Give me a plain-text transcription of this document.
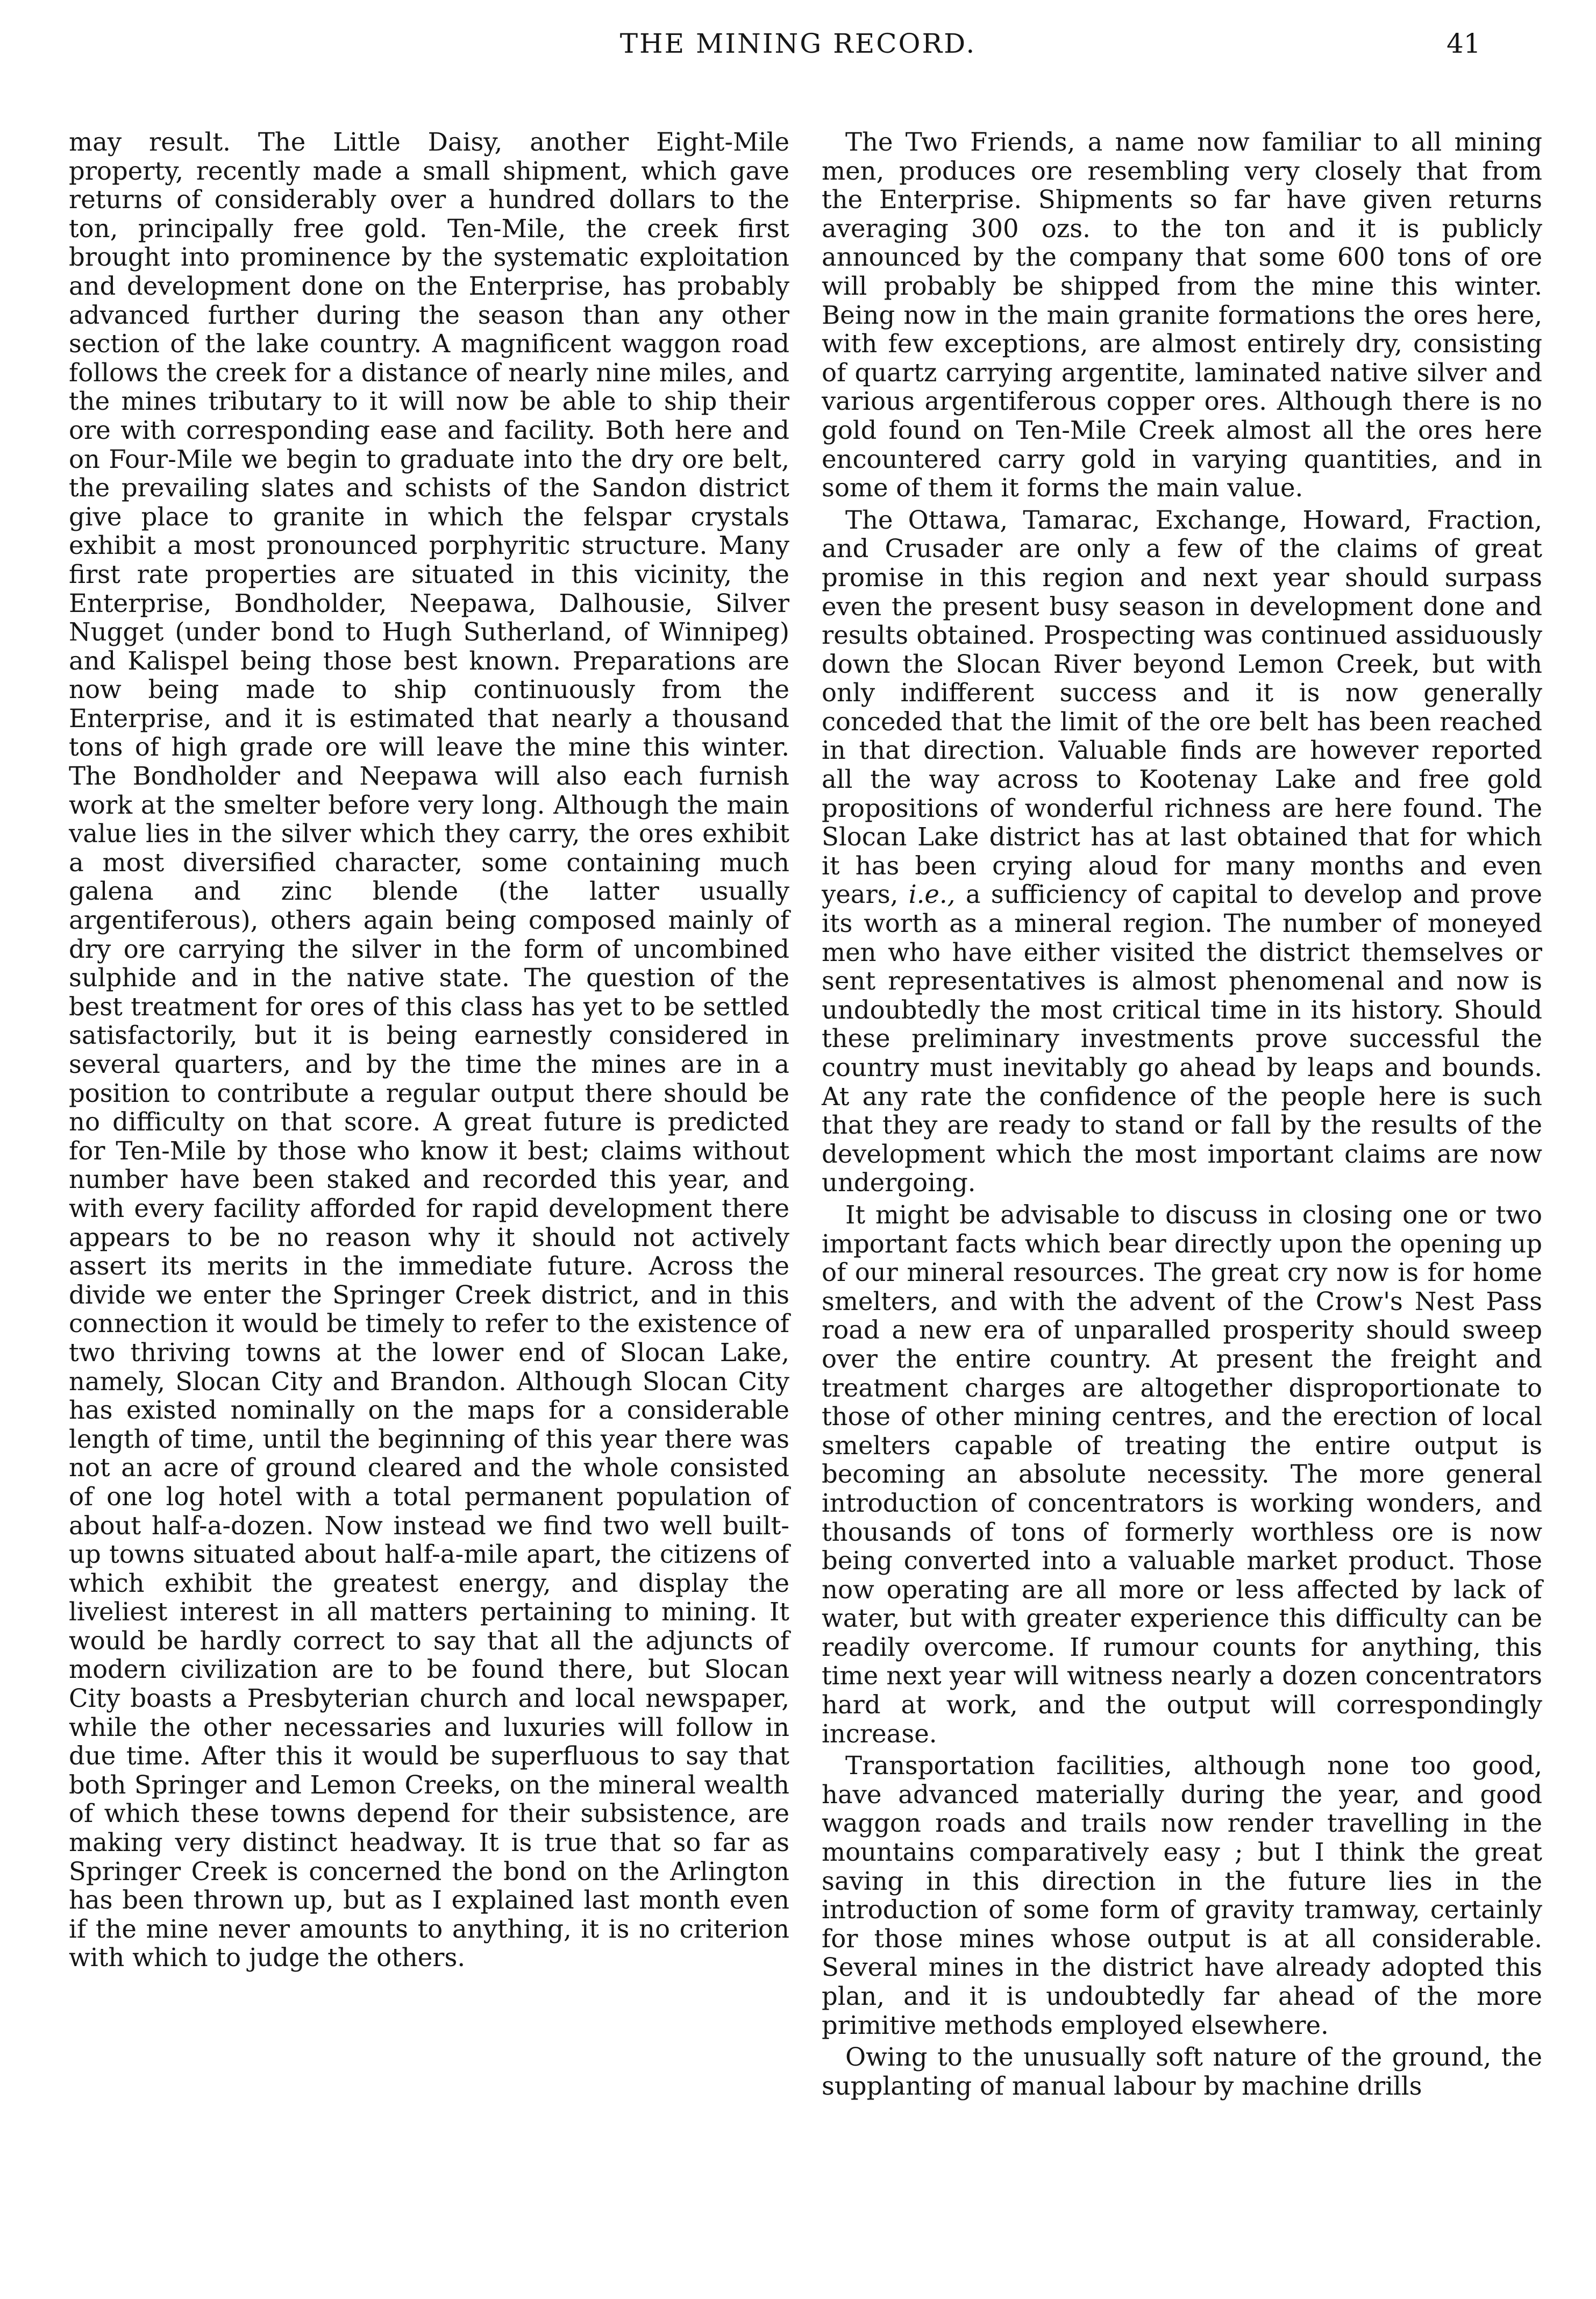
THE MINING RECORD.	41

may result. The Little Daisy, another Eight-Mile property, recently made a small shipment, which gave returns of considerably over a hundred dollars to the ton, principally free gold. Ten-Mile, the creek first brought into prominence by the systematic exploitation and development done on the Enterprise, has probably advanced further during the season than any other section of the lake country. A magnificent waggon road follows the creek for a distance of nearly nine miles, and the mines tributary to it will now be able to ship their ore with corresponding ease and facility. Both here and on Four-Mile we begin to graduate into the dry ore belt, the prevailing slates and schists of the Sandon district give place to granite in which the felspar crystals exhibit a most pronounced porphyritic structure. Many first rate properties are situated in this vicinity, the Enterprise, Bondholder, Neepawa, Dalhousie, Silver Nugget (under bond to Hugh Sutherland, of Winnipeg) and Kalispel being those best known. Preparations are now being made to ship continuously from the Enterprise, and it is estimated that nearly a thousand tons of high grade ore will leave the mine this winter. The Bondholder and Neepawa will also each furnish work at the smelter before very long. Although the main value lies in the silver which they carry, the ores exhibit a most diversified character, some containing much galena and zinc blende (the latter usually argentiferous), others again being composed mainly of dry ore carrying the silver in the form of uncombined sulphide and in the native state. The question of the best treatment for ores of this class has yet to be settled satisfactorily, but it is being earnestly considered in several quarters, and by the time the mines are in a position to contribute a regular output there should be no difficulty on that score. A great future is predicted for Ten-Mile by those who know it best; claims without number have been staked and recorded this year, and with every facility afforded for rapid development there appears to be no reason why it should not actively assert its merits in the immediate future. Across the divide we enter the Springer Creek district, and in this connection it would be timely to refer to the existence of two thriving towns at the lower end of Slocan Lake, namely, Slocan City and Brandon. Although Slocan City has existed nominally on the maps for a considerable length of time, until the beginning of this year there was not an acre of ground cleared and the whole consisted of one log hotel with a total permanent population of about half-a-dozen. Now instead we find two well built-up towns situated about half-a-mile apart, the citizens of which exhibit the greatest energy, and display the liveliest interest in all matters pertaining to mining. It would be hardly correct to say that all the adjuncts of modern civilization are to be found there, but Slocan City boasts a Presbyterian church and local newspaper, while the other necessaries and luxuries will follow in due time. After this it would be superfluous to say that both Springer and Lemon Creeks, on the mineral wealth of which these towns depend for their subsistence, are making very distinct headway. It is true that so far as Springer Creek is concerned the bond on the Arlington has been thrown up, but as I explained last month even if the mine never amounts to anything, it is no criterion with which to judge the others.

The Two Friends, a name now familiar to all mining men, produces ore resembling very closely that from the Enterprise. Shipments so far have given returns averaging 300 ozs. to the ton and it is publicly announced by the company that some 600 tons of ore will probably be shipped from the mine this winter. Being now in the main granite formations the ores here, with few exceptions, are almost entirely dry, consisting of quartz carrying argentite, laminated native silver and various argentiferous copper ores. Although there is no gold found on Ten-Mile Creek almost all the ores here encountered carry gold in varying quantities, and in some of them it forms the main value.

The Ottawa, Tamarac, Exchange, Howard, Fraction, and Crusader are only a few of the claims of great promise in this region and next year should surpass even the present busy season in development done and results obtained. Prospecting was continued assiduously down the Slocan River beyond Lemon Creek, but with only indifferent success and it is now generally conceded that the limit of the ore belt has been reached in that direction. Valuable finds are however reported all the way across to Kootenay Lake and free gold propositions of wonderful richness are here found. The Slocan Lake district has at last obtained that for which it has been crying aloud for many months and even years, i.e., a sufficiency of capital to develop and prove its worth as a mineral region. The number of moneyed men who have either visited the district themselves or sent representatives is almost phenomenal and now is undoubtedly the most critical time in its history. Should these preliminary investments prove successful the country must inevitably go ahead by leaps and bounds. At any rate the confidence of the people here is such that they are ready to stand or fall by the results of the development which the most important claims are now undergoing.

It might be advisable to discuss in closing one or two important facts which bear directly upon the opening up of our mineral resources. The great cry now is for home smelters, and with the advent of the Crow's Nest Pass road a new era of unparalled prosperity should sweep over the entire country. At present the freight and treatment charges are altogether disproportionate to those of other mining centres, and the erection of local smelters capable of treating the entire output is becoming an absolute necessity. The more general introduction of concentrators is working wonders, and thousands of tons of formerly worthless ore is now being converted into a valuable market product. Those now operating are all more or less affected by lack of water, but with greater experience this difficulty can be readily overcome. If rumour counts for anything, this time next year will witness nearly a dozen concentrators hard at work, and the output will correspondingly increase.

Transportation facilities, although none too good, have advanced materially during the year, and good waggon roads and trails now render travelling in the mountains comparatively easy ; but I think the great saving in this direction in the future lies in the introduction of some form of gravity tramway, certainly for those mines whose output is at all considerable. Several mines in the district have already adopted this plan, and it is undoubtedly far ahead of the more primitive methods employed elsewhere.

Owing to the unusually soft nature of the ground, the supplanting of manual labour by machine drills
